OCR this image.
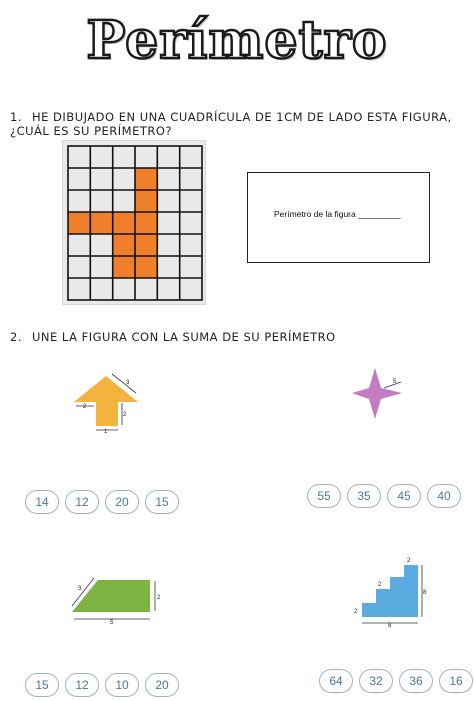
Perímetro
1. HE DIBUJADO EN UNA CUADRÍCULA DE 1CM DE LADO ESTA FIGURA, ¿CUÁL ES SU PERÍMETRO?
Perímetro de la figura _________
2. UNE LA FIGURA CON LA SUMA DE SU PERÍMETRO
3
2
2
1
5
3
2
5
2
2
2
8
8
14	12	20	15	55	35	45	40
15	12	10	20	64	32	36	16
